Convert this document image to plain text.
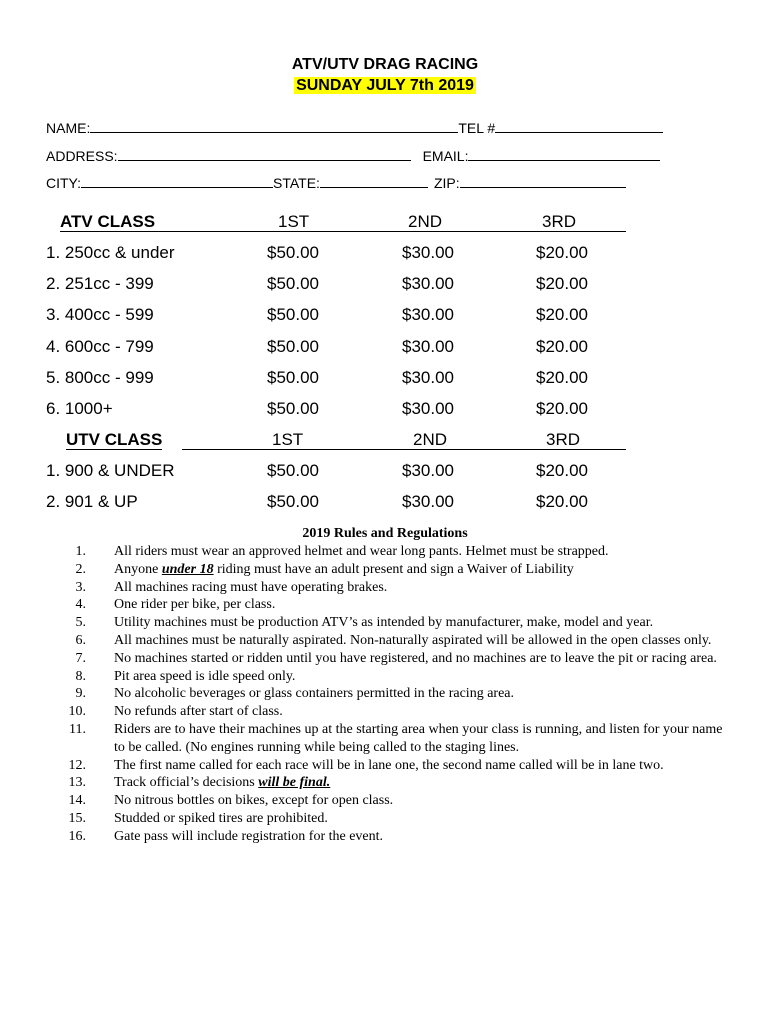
ATV/UTV DRAG RACING
SUNDAY JULY 7th 2019
NAME:	TEL #
ADDRESS:	EMAIL:
CITY:	STATE:	ZIP:
ATV CLASS	1ST	2ND	3RD
1. 250cc & under	$50.00	$30.00	$20.00
2. 251cc - 399	$50.00	$30.00	$20.00
3. 400cc - 599	$50.00	$30.00	$20.00
4. 600cc - 799	$50.00	$30.00	$20.00
5. 800cc - 999	$50.00	$30.00	$20.00
6. 1000+	$50.00	$30.00	$20.00
UTV CLASS	1ST	2ND	3RD
1. 900 & UNDER	$50.00	$30.00	$20.00
2. 901 & UP	$50.00	$30.00	$20.00
2019 Rules and Regulations
1. All riders must wear an approved helmet and wear long pants. Helmet must be strapped.
2. Anyone under 18 riding must have an adult present and sign a Waiver of Liability
3. All machines racing must have operating brakes.
4. One rider per bike, per class.
5. Utility machines must be production ATV’s as intended by manufacturer, make, model and year.
6. All machines must be naturally aspirated. Non-naturally aspirated will be allowed in the open classes only.
7. No machines started or ridden until you have registered, and no machines are to leave the pit or racing area.
8. Pit area speed is idle speed only.
9. No alcoholic beverages or glass containers permitted in the racing area.
10. No refunds after start of class.
11. Riders are to have their machines up at the starting area when your class is running, and listen for your name to be called. (No engines running while being called to the staging lines.
12. The first name called for each race will be in lane one, the second name called will be in lane two.
13. Track official’s decisions will be final.
14. No nitrous bottles on bikes, except for open class.
15. Studded or spiked tires are prohibited.
16. Gate pass will include registration for the event.
